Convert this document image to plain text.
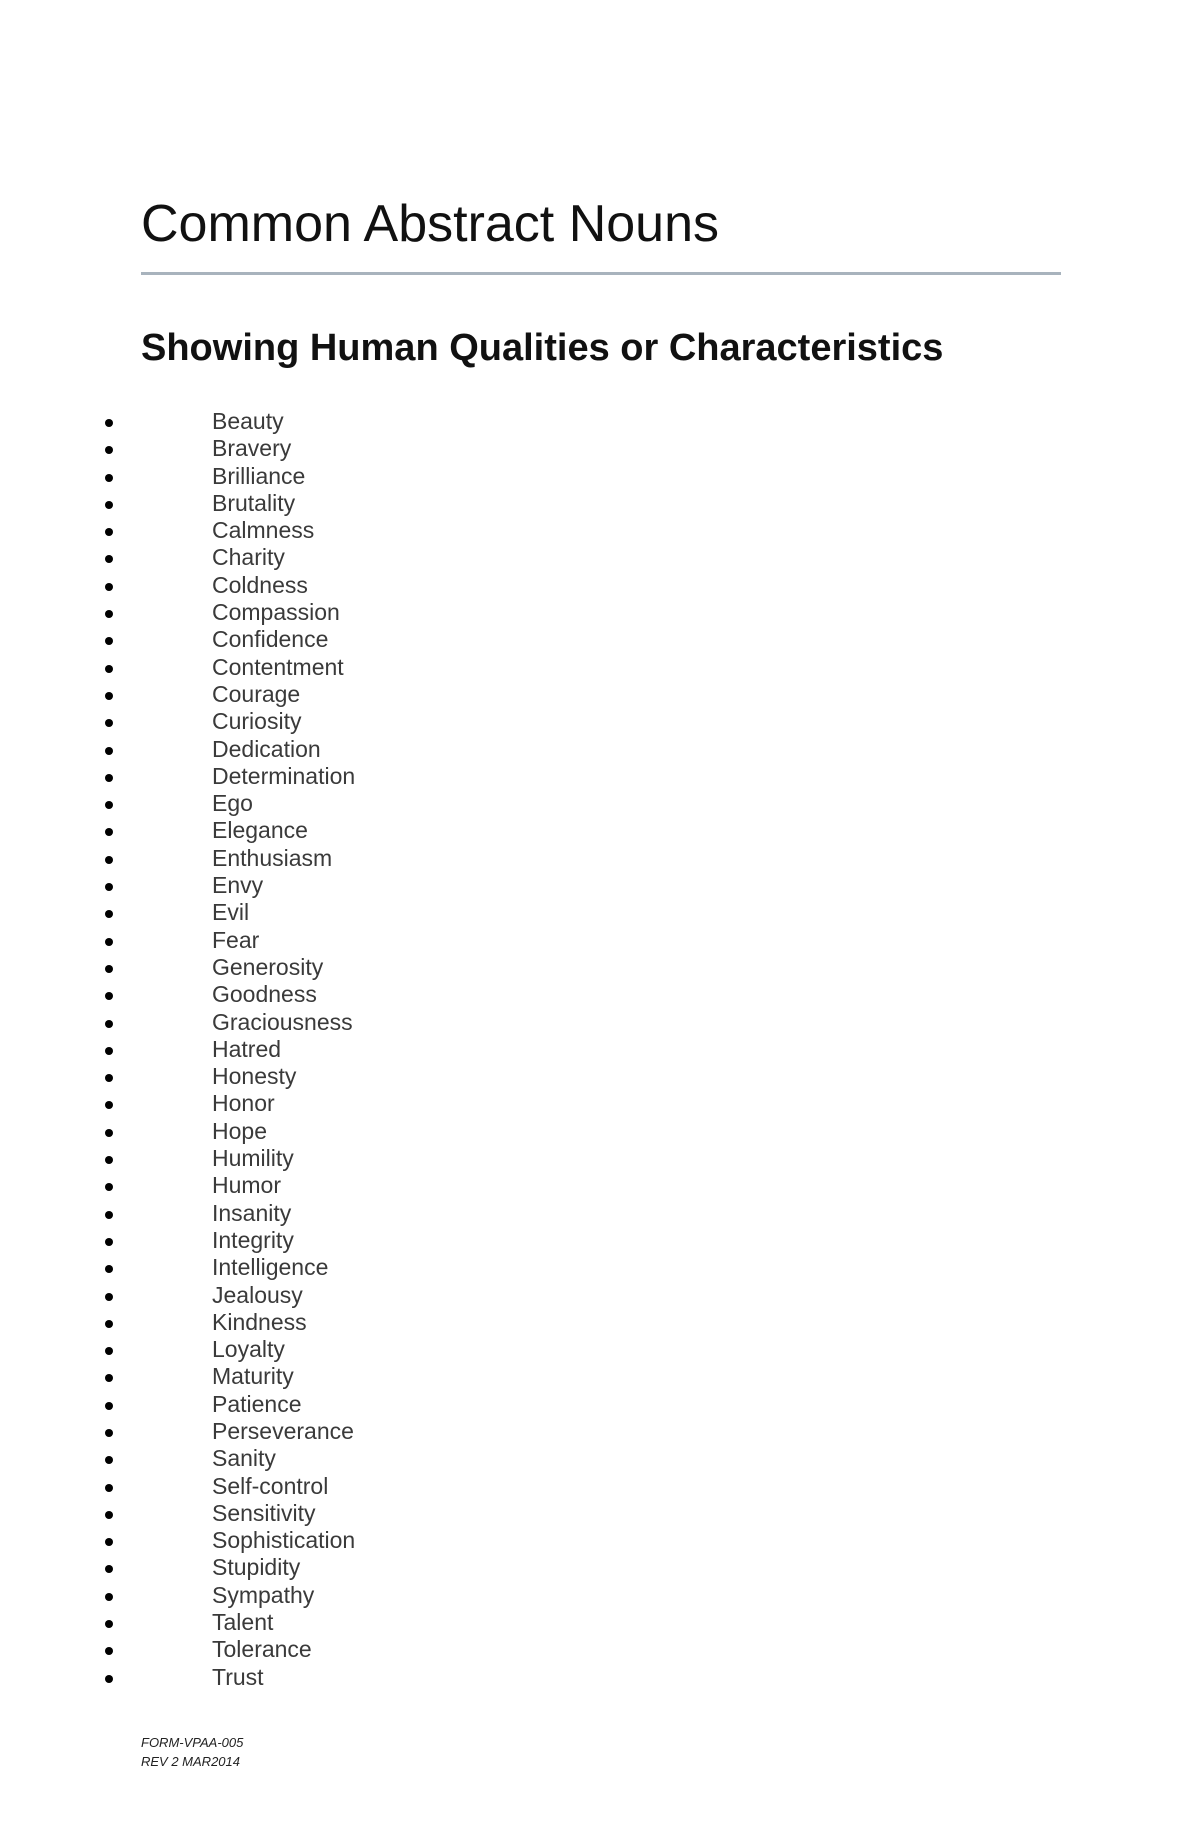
Common Abstract Nouns
Showing Human Qualities or Characteristics
Beauty
Bravery
Brilliance
Brutality
Calmness
Charity
Coldness
Compassion
Confidence
Contentment
Courage
Curiosity
Dedication
Determination
Ego
Elegance
Enthusiasm
Envy
Evil
Fear
Generosity
Goodness
Graciousness
Hatred
Honesty
Honor
Hope
Humility
Humor
Insanity
Integrity
Intelligence
Jealousy
Kindness
Loyalty
Maturity
Patience
Perseverance
Sanity
Self-control
Sensitivity
Sophistication
Stupidity
Sympathy
Talent
Tolerance
Trust
FORM-VPAA-005
REV 2 MAR2014
